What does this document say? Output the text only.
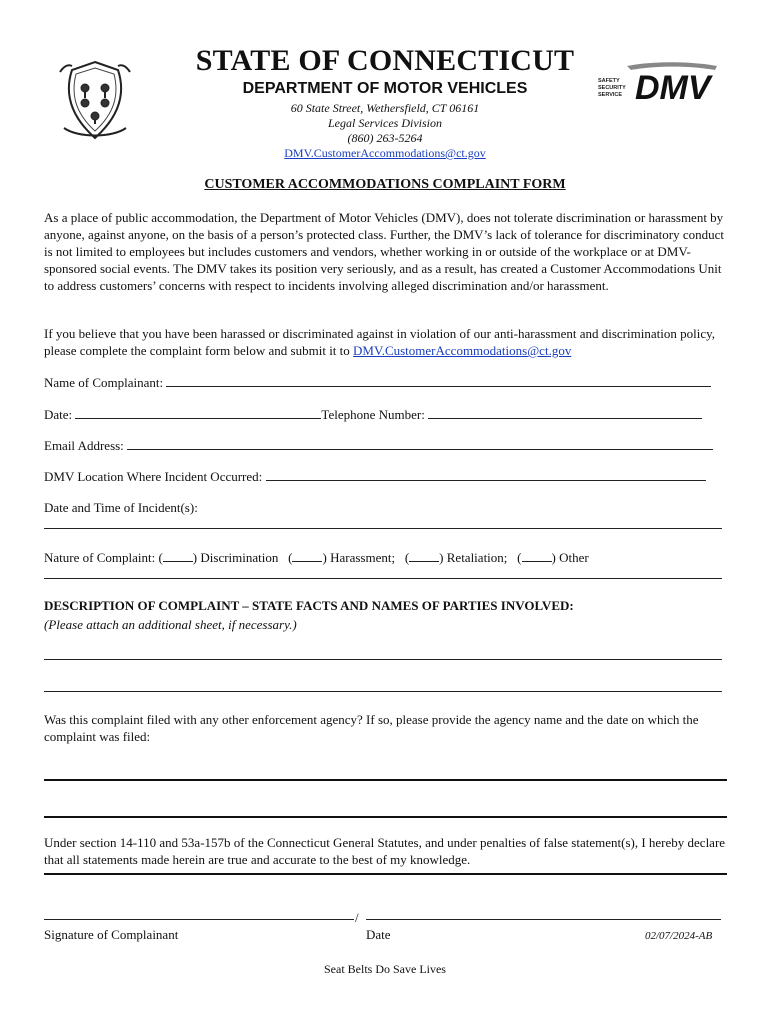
SAFETY
SECURITY
SERVICE DMV
STATE OF CONNECTICUT
DEPARTMENT OF MOTOR VEHICLES
60 State Street, Wethersfield, CT 06161
Legal Services Division
(860) 263-5264
DMV.CustomerAccommodations@ct.gov
CUSTOMER ACCOMMODATIONS COMPLAINT FORM
As a place of public accommodation, the Department of Motor Vehicles (DMV), does not tolerate discrimination or harassment by anyone, against anyone, on the basis of a person’s protected class. Further, the DMV’s lack of tolerance for discriminatory conduct is not limited to employees but includes customers and vendors, whether working in or outside of the workplace or at DMV- sponsored social events. The DMV takes its position very seriously, and as a result, has created a Customer Accommodations Unit to address customers’ concerns with respect to incidents involving alleged discrimination and/or harassment.
If you believe that you have been harassed or discriminated against in violation of our anti-harassment and discrimination policy, please complete the complaint form below and submit it to DMV.CustomerAccommodations@ct.gov
Name of Complainant:
Date:	Telephone Number:
Email Address:
DMV Location Where Incident Occurred:
Date and Time of Incident(s):
Nature of Complaint: ( ) Discrimination ( ) Harassment; ( ) Retaliation; ( ) Other
DESCRIPTION OF COMPLAINT – STATE FACTS AND NAMES OF PARTIES INVOLVED:
(Please attach an additional sheet, if necessary.)
Was this complaint filed with any other enforcement agency? If so, please provide the agency name and the date on which the complaint was filed:
Under section 14-110 and 53a-157b of the Connecticut General Statutes, and under penalties of false statement(s), I hereby declare that all statements made herein are true and accurate to the best of my knowledge.
/
Signature of Complainant	Date	02/07/2024-AB
Seat Belts Do Save Lives
